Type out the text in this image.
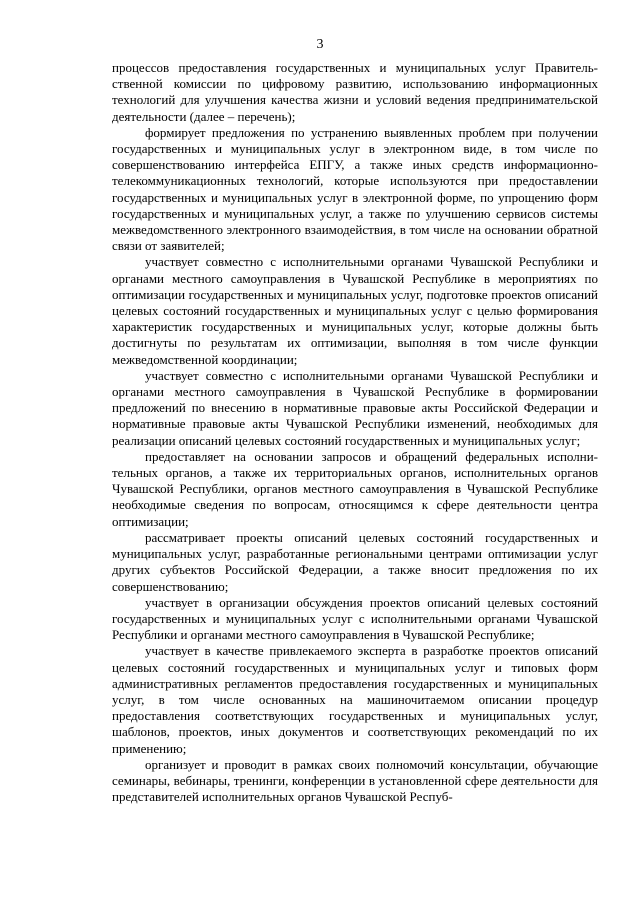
3

процессов предоставления государственных и муниципальных услуг Правительственной комиссии по цифровому развитию, использованию информационных технологий для улучшения качества жизни и условий ведения предпринимательской деятельности (далее – перечень);

формирует предложения по устранению выявленных проблем при получении государственных и муниципальных услуг в электронном виде, в том числе по совершенствованию интерфейса ЕПГУ, а также иных средств информационно-телекоммуникационных технологий, которые используются при предоставлении государственных и муниципальных услуг в электронной форме, по упрощению форм государственных и муниципальных услуг, а также по улучшению сервисов системы межведомственного электронного взаимодействия, в том числе на основании обратной связи от заявителей;

участвует совместно с исполнительными органами Чувашской Республики и органами местного самоуправления в Чувашской Республике в мероприятиях по оптимизации государственных и муниципальных услуг, подготовке проектов описаний целевых состояний государственных и муниципальных услуг с целью формирования характеристик государственных и муниципальных услуг, которые должны быть достигнуты по результатам их оптимизации, выполняя в том числе функции межведомственной координации;

участвует совместно с исполнительными органами Чувашской Республики и органами местного самоуправления в Чувашской Республике в формировании предложений по внесению в нормативные правовые акты Российской Федерации и нормативные правовые акты Чувашской Республики изменений, необходимых для реализации описаний целевых состояний государственных и муниципальных услуг;

предоставляет на основании запросов и обращений федеральных исполнительных органов, а также их территориальных органов, исполнительных органов Чувашской Республики, органов местного самоуправления в Чувашской Республике необходимые сведения по вопросам, относящимся к сфере деятельности центра оптимизации;

рассматривает проекты описаний целевых состояний государственных и муниципальных услуг, разработанные региональными центрами оптимизации услуг других субъектов Российской Федерации, а также вносит предложения по их совершенствованию;

участвует в организации обсуждения проектов описаний целевых состояний государственных и муниципальных услуг с исполнительными органами Чувашской Республики и органами местного самоуправления в Чувашской Республике;

участвует в качестве привлекаемого эксперта в разработке проектов описаний целевых состояний государственных и муниципальных услуг и типовых форм административных регламентов предоставления государственных и муниципальных услуг, в том числе основанных на машиночитаемом описании процедур предоставления соответствующих государственных и муниципальных услуг, шаблонов, проектов, иных документов и соответствующих рекомендаций по их применению;

организует и проводит в рамках своих полномочий консультации, обучающие семинары, вебинары, тренинги, конференции в установленной сфере деятельности для представителей исполнительных органов Чувашской Респуб-
